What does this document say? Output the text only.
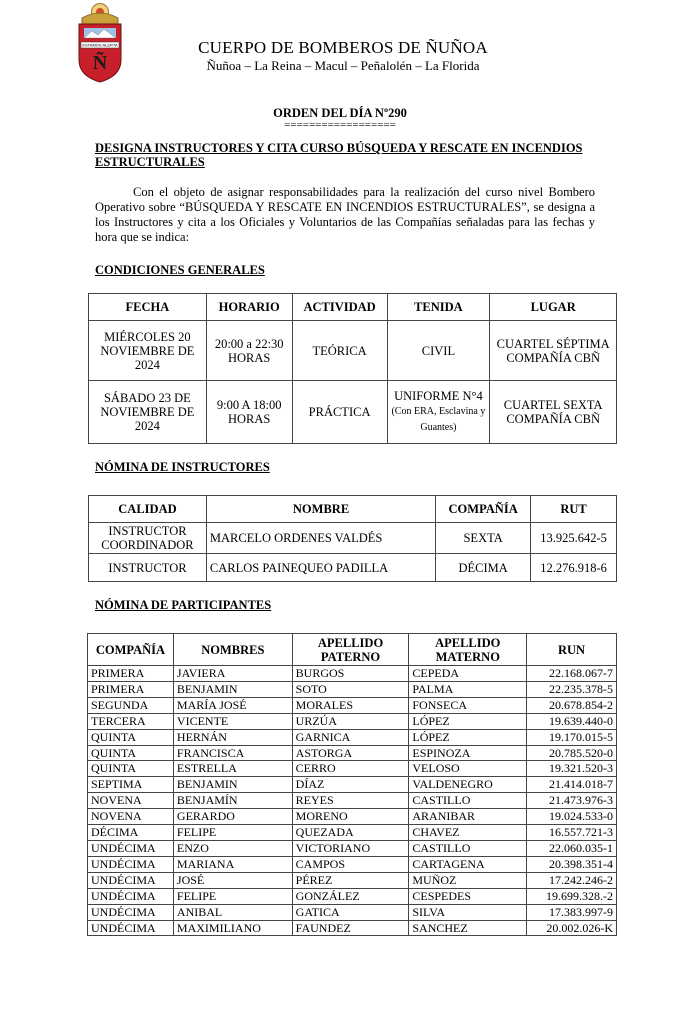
ESTAMOS ALERTA
Ñ
CUERPO DE BOMBEROS DE ÑUÑOA
Ñuñoa – La Reina – Macul – Peñalolén – La Florida
ORDEN DEL DÍA Nº290
==================
DESIGNA INSTRUCTORES Y CITA CURSO BÚSQUEDA Y RESCATE EN INCENDIOS ESTRUCTURALES
Con el objeto de asignar responsabilidades para la realización del curso nivel Bombero Operativo sobre “BÚSQUEDA Y RESCATE EN INCENDIOS ESTRUCTURALES”, se designa a los Instructores y cita a los Oficiales y Voluntarios de las Compañías señaladas para las fechas y hora que se indica:
CONDICIONES GENERALES
FECHA	HORARIO	ACTIVIDAD	TENIDA	LUGAR
MIÉRCOLES 20 NOVIEMBRE DE 2024	20:00 a 22:30 HORAS	TEÓRICA	CIVIL	CUARTEL SÉPTIMA COMPAÑÍA CBÑ
SÁBADO 23 DE NOVIEMBRE DE 2024	9:00 A 18:00 HORAS	PRÁCTICA	UNIFORME N°4 (Con ERA, Esclavina y Guantes)	CUARTEL SEXTA COMPAÑÍA CBÑ
NÓMINA DE INSTRUCTORES
CALIDAD	NOMBRE	COMPAÑÍA	RUT
INSTRUCTOR COORDINADOR	MARCELO ORDENES VALDÉS	SEXTA	13.925.642-5
INSTRUCTOR	CARLOS PAINEQUEO PADILLA	DÉCIMA	12.276.918-6
NÓMINA DE PARTICIPANTES
COMPAÑÍA	NOMBRES	APELLIDO PATERNO	APELLIDO MATERNO	RUN
PRIMERA	JAVIERA	BURGOS	CEPEDA	22.168.067-7
PRIMERA	BENJAMIN	SOTO	PALMA	22.235.378-5
SEGUNDA	MARÍA JOSÉ	MORALES	FONSECA	20.678.854-2
TERCERA	VICENTE	URZÚA	LÓPEZ	19.639.440-0
QUINTA	HERNÁN	GARNICA	LÓPEZ	19.170.015-5
QUINTA	FRANCISCA	ASTORGA	ESPINOZA	20.785.520-0
QUINTA	ESTRELLA	CERRO	VELOSO	19.321.520-3
SEPTIMA	BENJAMIN	DÍAZ	VALDENEGRO	21.414.018-7
NOVENA	BENJAMÍN	REYES	CASTILLO	21.473.976-3
NOVENA	GERARDO	MORENO	ARANIBAR	19.024.533-0
DÉCIMA	FELIPE	QUEZADA	CHAVEZ	16.557.721-3
UNDÉCIMA	ENZO	VICTORIANO	CASTILLO	22.060.035-1
UNDÉCIMA	MARIANA	CAMPOS	CARTAGENA	20.398.351-4
UNDÉCIMA	JOSÉ	PÉREZ	MUÑOZ	17.242.246-2
UNDÉCIMA	FELIPE	GONZÁLEZ	CESPEDES	19.699.328.-2
UNDÉCIMA	ANIBAL	GATICA	SILVA	17.383.997-9
UNDÉCIMA	MAXIMILIANO	FAUNDEZ	SANCHEZ	20.002.026-K
